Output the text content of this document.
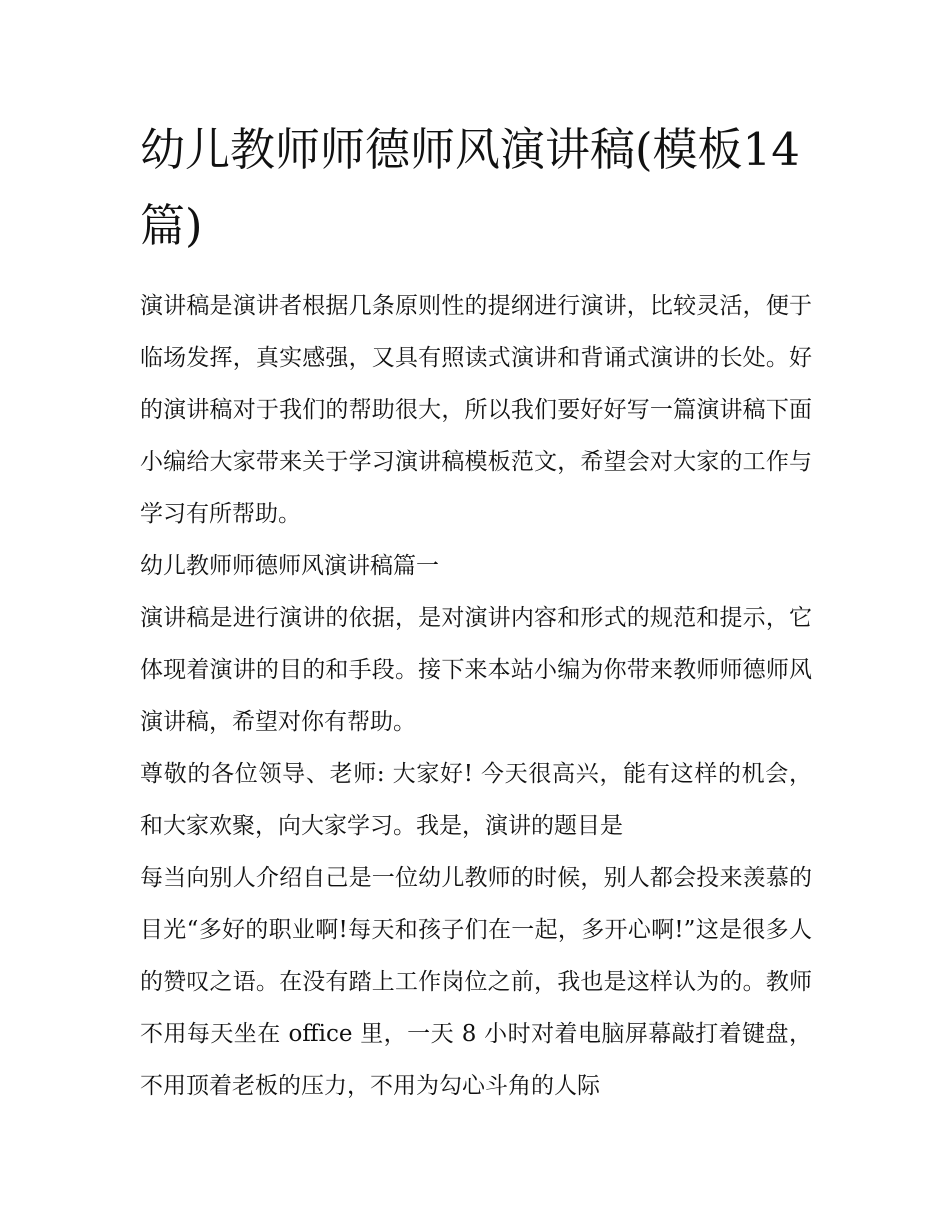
幼儿教师师德师风演讲稿(模板14篇)

演讲稿是演讲者根据几条原则性的提纲进行演讲，比较灵活，便于临场发挥，真实感强，又具有照读式演讲和背诵式演讲的长处。好的演讲稿对于我们的帮助很大，所以我们要好好写一篇演讲稿下面小编给大家带来关于学习演讲稿模板范文，希望会对大家的工作与学习有所帮助。

幼儿教师师德师风演讲稿篇一

演讲稿是进行演讲的依据，是对演讲内容和形式的规范和提示，它体现着演讲的目的和手段。接下来本站小编为你带来教师师德师风演讲稿，希望对你有帮助。

尊敬的各位领导、老师: 大家好! 今天很高兴，能有这样的机会，和大家欢聚，向大家学习。我是，演讲的题目是

每当向别人介绍自己是一位幼儿教师的时候，别人都会投来羡慕的目光“多好的职业啊!每天和孩子们在一起，多开心啊!”这是很多人的赞叹之语。在没有踏上工作岗位之前，我也是这样认为的。教师不用每天坐在 office 里，一天 8 小时对着电脑屏幕敲打着键盘，不用顶着老板的压力，不用为勾心斗角的人际
